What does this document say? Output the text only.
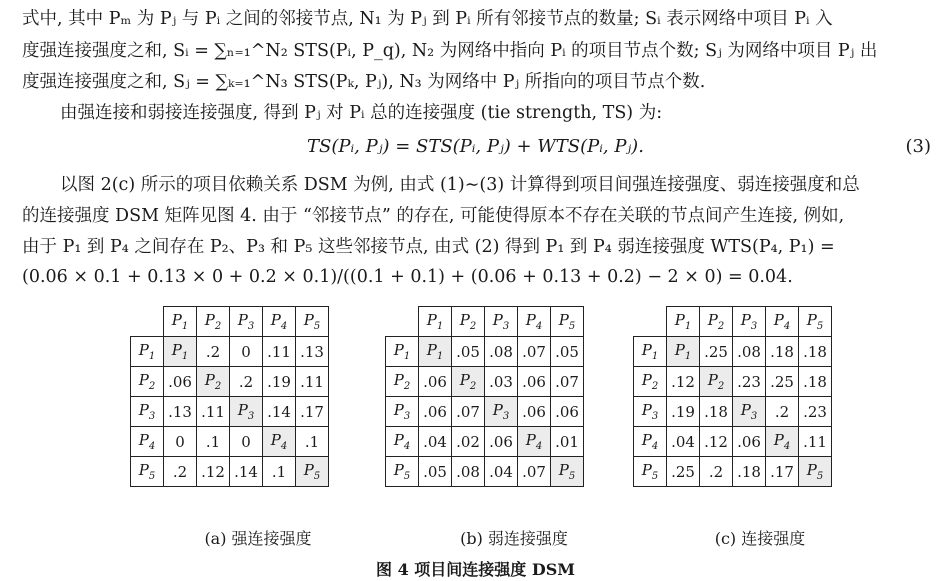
式中, 其中 Pₘ 为 Pⱼ 与 Pᵢ 之间的邻接节点, N₁ 为 Pⱼ 到 Pᵢ 所有邻接节点的数量; Sᵢ 表示网络中项目 Pᵢ 入
度强连接强度之和, Sᵢ = ∑ₙ₌₁^N₂ STS(Pᵢ, P_q), N₂ 为网络中指向 Pᵢ 的项目节点个数; Sⱼ 为网络中项目 Pⱼ 出
度强连接强度之和, Sⱼ = ∑ₖ₌₁^N₃ STS(Pₖ, Pⱼ), N₃ 为网络中 Pⱼ 所指向的项目节点个数.
由强连接和弱接连接强度, 得到 Pⱼ 对 Pᵢ 总的连接强度 (tie strength, TS) 为:
TS(Pᵢ, Pⱼ) = STS(Pᵢ, Pⱼ) + WTS(Pᵢ, Pⱼ).	(3)
以图 2(c) 所示的项目依赖关系 DSM 为例, 由式 (1)∼(3) 计算得到项目间强连接强度、弱连接强度和总
的连接强度 DSM 矩阵见图 4. 由于 “邻接节点” 的存在, 可能使得原本不存在关联的节点间产生连接, 例如,
由于 P₁ 到 P₄ 之间存在 P₂、P₃ 和 P₅ 这些邻接节点, 由式 (2) 得到 P₁ 到 P₄ 弱连接强度 WTS(P₄, P₁) =
(0.06 × 0.1 + 0.13 × 0 + 0.2 × 0.1)/((0.1 + 0.1) + (0.06 + 0.13 + 0.2) − 2 × 0) = 0.04.
	$P_1$	$P_2$	$P_3$	$P_4$	$P_5$
$P_1$	$P_1$	.2	0	.11	.13
$P_2$	.06	$P_2$	.2	.19	.11
$P_3$	.13	.11	$P_3$	.14	.17
$P_4$	0	.1	0	$P_4$	.1
$P_5$	.2	.12	.14	.1	$P_5$
	$P_1$	$P_2$	$P_3$	$P_4$	$P_5$
$P_1$	$P_1$	.05	.08	.07	.05
$P_2$	.06	$P_2$	.03	.06	.07
$P_3$	.06	.07	$P_3$	.06	.06
$P_4$	.04	.02	.06	$P_4$	.01
$P_5$	.05	.08	.04	.07	$P_5$
	$P_1$	$P_2$	$P_3$	$P_4$	$P_5$
$P_1$	$P_1$	.25	.08	.18	.18
$P_2$	.12	$P_2$	.23	.25	.18
$P_3$	.19	.18	$P_3$	.2	.23
$P_4$	.04	.12	.06	$P_4$	.11
$P_5$	.25	.2	.18	.17	$P_5$
(a) 强连接强度	(b) 弱连接强度	(c) 连接强度
图 4 项目间连接强度 DSM
